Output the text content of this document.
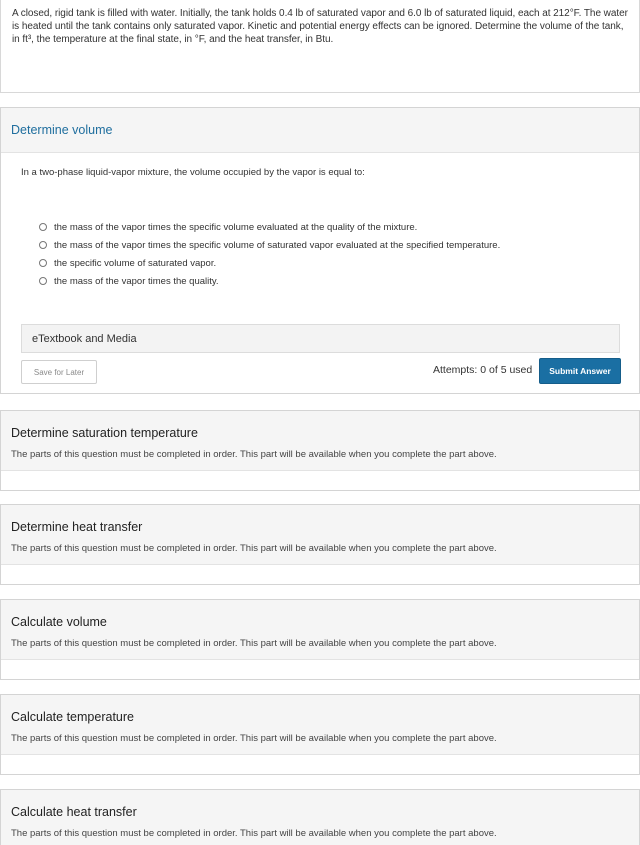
A closed, rigid tank is filled with water. Initially, the tank holds 0.4 lb of saturated vapor and 6.0 lb of saturated liquid, each at 212°F. The water is heated until the tank contains only saturated vapor. Kinetic and potential energy effects can be ignored. Determine the volume of the tank, in ft³, the temperature at the final state, in °F, and the heat transfer, in Btu.

Determine volume

In a two-phase liquid-vapor mixture, the volume occupied by the vapor is equal to:

the mass of the vapor times the specific volume evaluated at the quality of the mixture.
the mass of the vapor times the specific volume of saturated vapor evaluated at the specified temperature.
the specific volume of saturated vapor.
the mass of the vapor times the quality.
eTextbook and Media
Save for Later	Attempts: 0 of 5 used	Submit Answer
Determine saturation temperature
The parts of this question must be completed in order. This part will be available when you complete the part above.
Determine heat transfer
The parts of this question must be completed in order. This part will be available when you complete the part above.
Calculate volume
The parts of this question must be completed in order. This part will be available when you complete the part above.
Calculate temperature
The parts of this question must be completed in order. This part will be available when you complete the part above.
Calculate heat transfer
The parts of this question must be completed in order. This part will be available when you complete the part above.
